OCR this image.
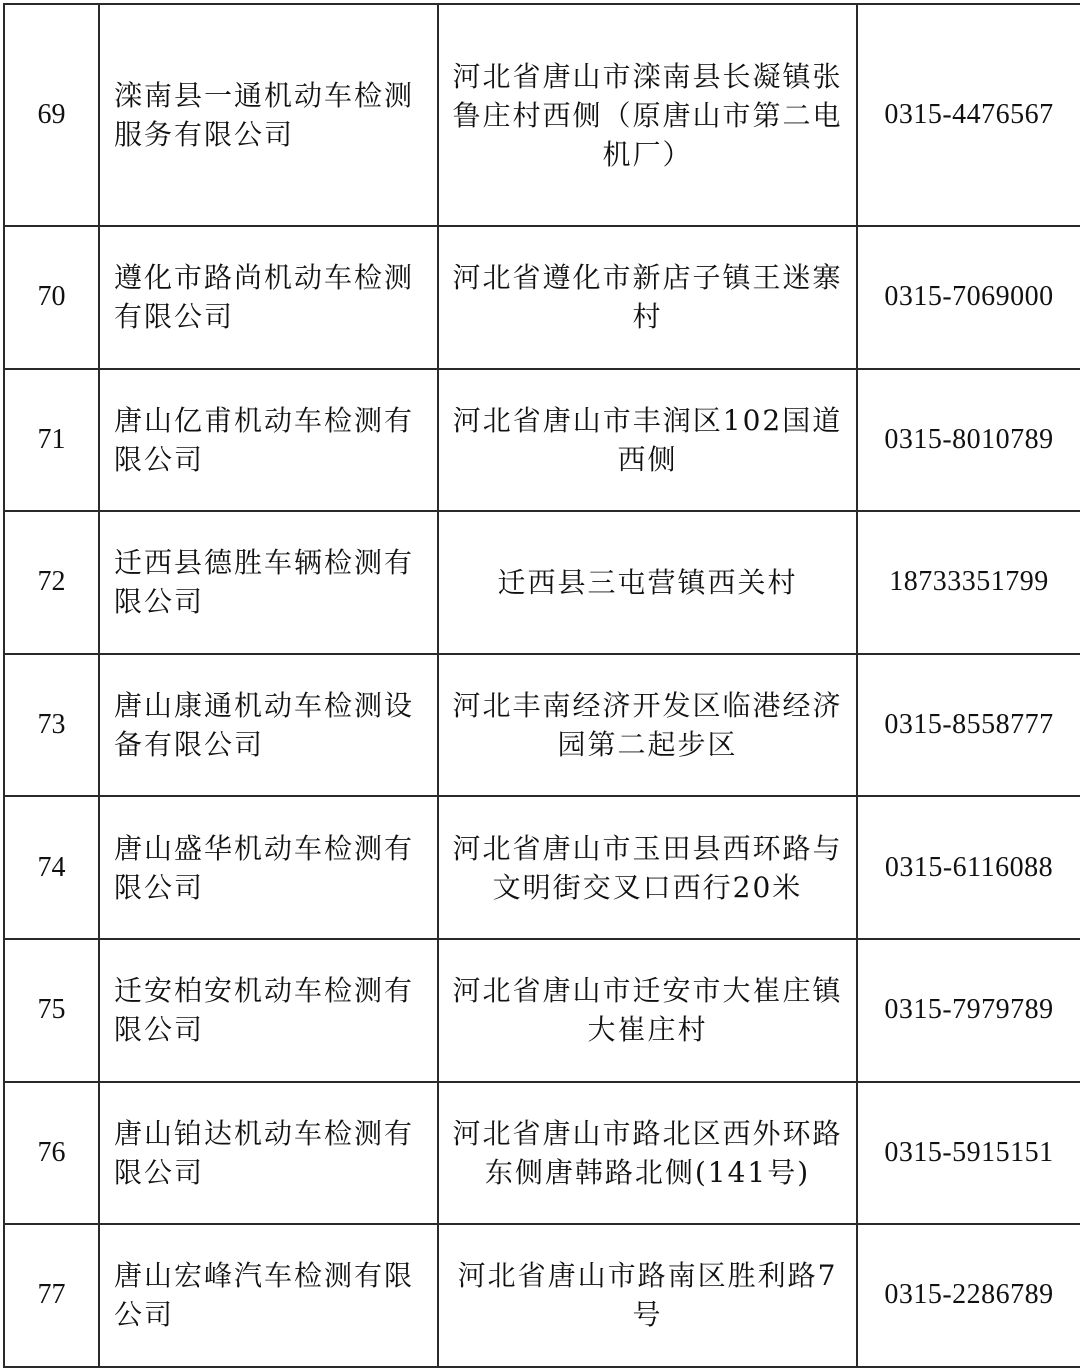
69	滦南县一通机动车检测服务有限公司	河北省唐山市滦南县长凝镇张鲁庄村西侧（原唐山市第二电机厂）	0315-4476567
70	遵化市路尚机动车检测有限公司	河北省遵化市新店子镇王迷寨村	0315-7069000
71	唐山亿甫机动车检测有限公司	河北省唐山市丰润区102国道西侧	0315-8010789
72	迁西县德胜车辆检测有限公司	迁西县三屯营镇西关村	18733351799
73	唐山康通机动车检测设备有限公司	河北丰南经济开发区临港经济园第二起步区	0315-8558777
74	唐山盛华机动车检测有限公司	河北省唐山市玉田县西环路与文明街交叉口西行20米	0315-6116088
75	迁安柏安机动车检测有限公司	河北省唐山市迁安市大崔庄镇大崔庄村	0315-7979789
76	唐山铂达机动车检测有限公司	河北省唐山市路北区西外环路东侧唐韩路北侧(141号)	0315-5915151
77	唐山宏峰汽车检测有限公司	河北省唐山市路南区胜利路7号	0315-2286789
